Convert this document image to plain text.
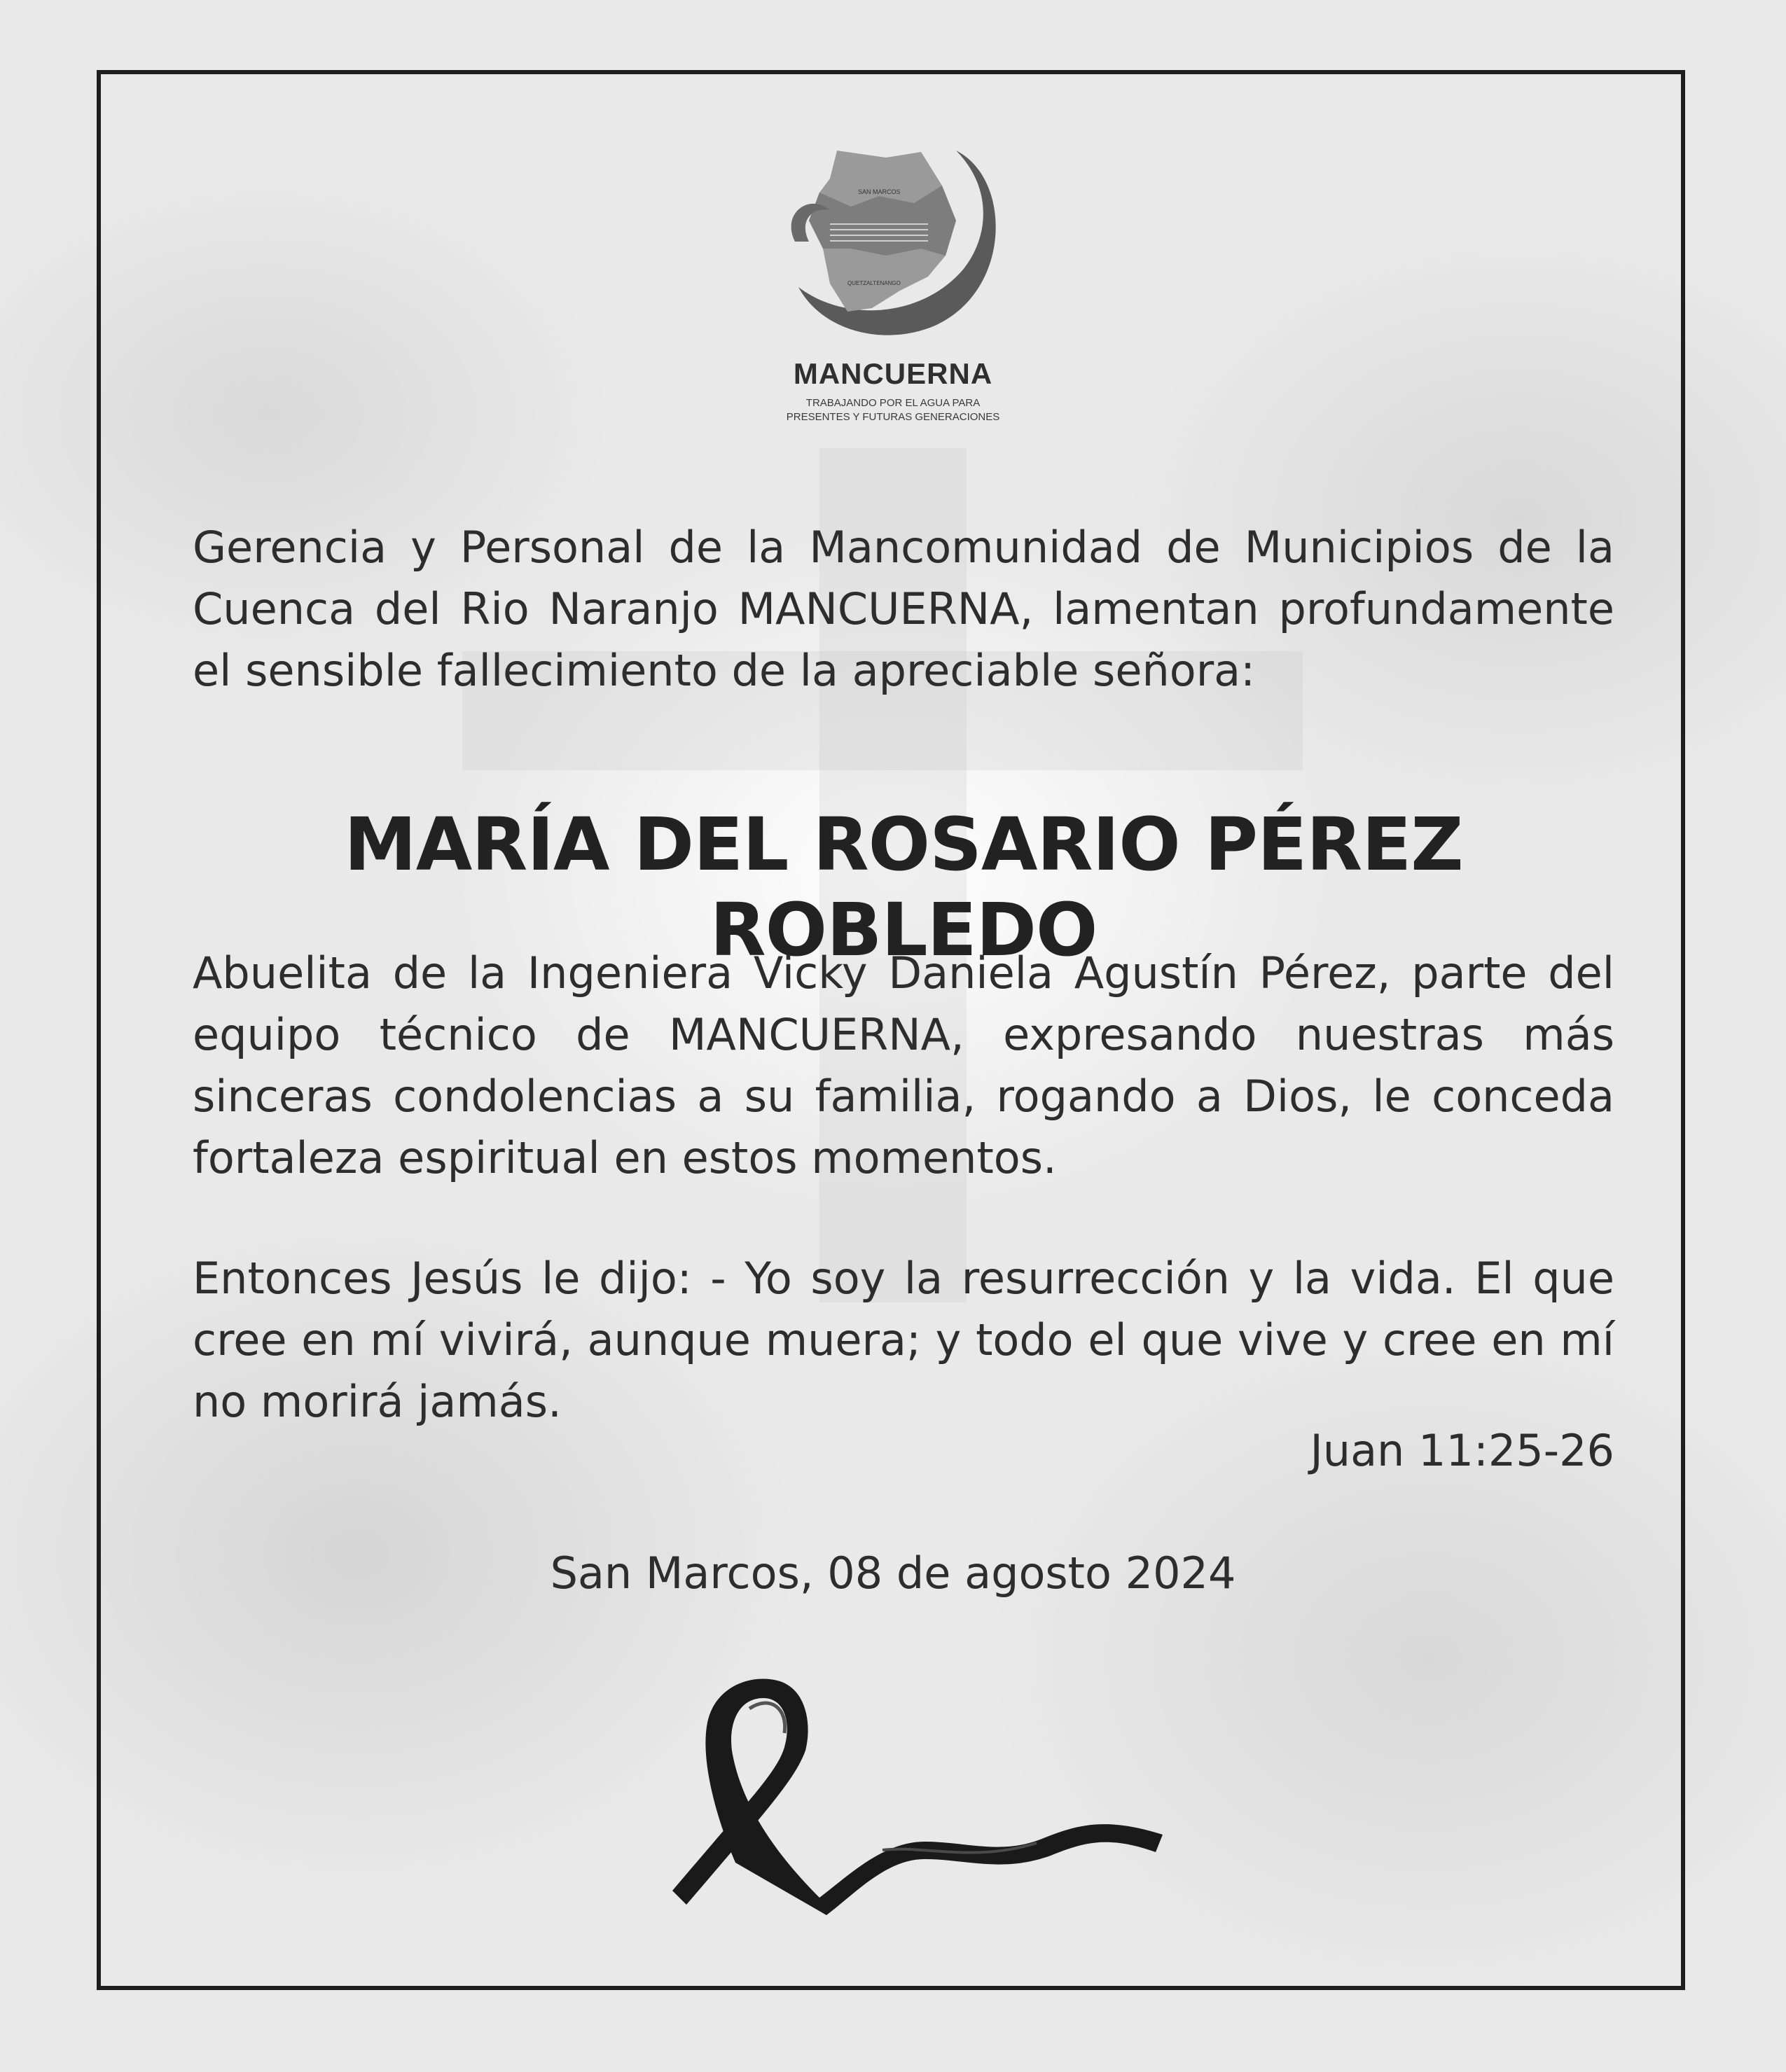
SAN MARCOS
QUETZALTENANGO
MANCUERNA
TRABAJANDO POR EL AGUA PARA
PRESENTES Y FUTURAS GENERACIONES
Gerencia y Personal de la Mancomunidad de Municipios de la Cuenca del Rio Naranjo MANCUERNA, lamentan profundamente el sensible fallecimiento de la apreciable señora:
MARÍA DEL ROSARIO PÉREZ ROBLEDO
Abuelita de la Ingeniera Vicky Daniela Agustín Pérez, parte del equipo técnico de MANCUERNA, expresando nuestras más sinceras condolencias a su familia, rogando a Dios, le conceda fortaleza espiritual en estos momentos.
Entonces Jesús le dijo: - Yo soy la resurrección y la vida. El que cree en mí vivirá, aunque muera; y todo el que vive y cree en mí no morirá jamás.
Juan 11:25-26
San Marcos, 08 de agosto 2024
